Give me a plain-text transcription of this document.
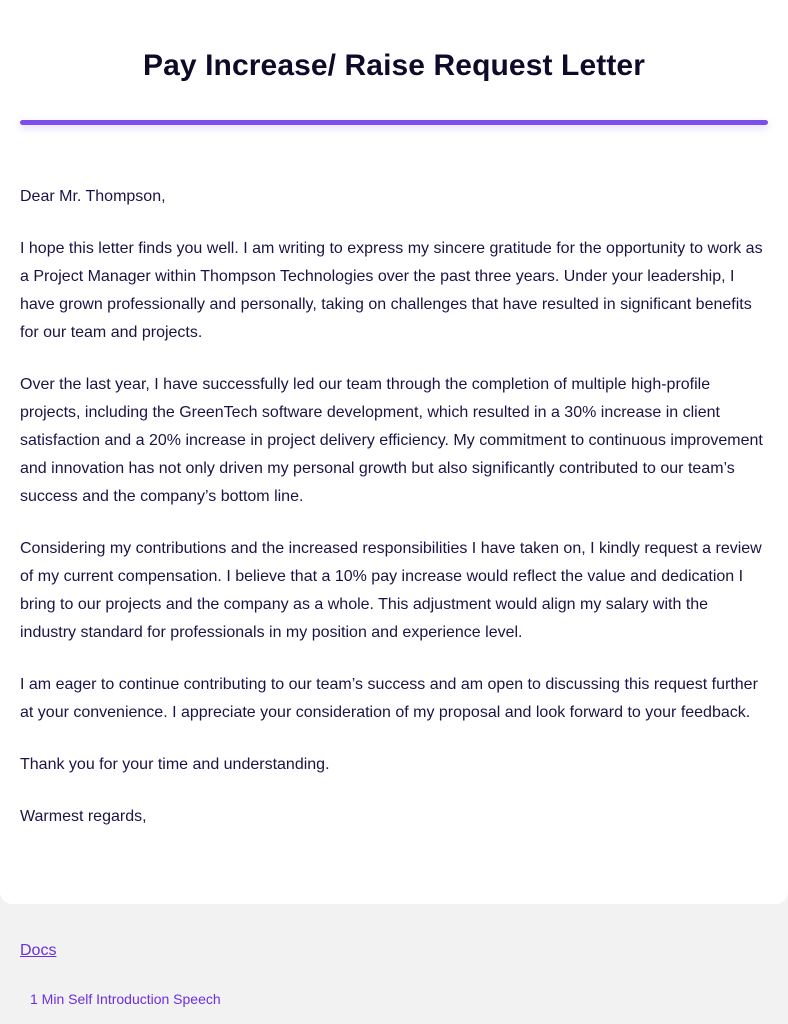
Pay Increase/ Raise Request Letter

Dear Mr. Thompson,

I hope this letter finds you well. I am writing to express my sincere gratitude for the opportunity to work as a Project Manager within Thompson Technologies over the past three years. Under your leadership, I have grown professionally and personally, taking on challenges that have resulted in significant benefits for our team and projects.

Over the last year, I have successfully led our team through the completion of multiple high-profile projects, including the GreenTech software development, which resulted in a 30% increase in client satisfaction and a 20% increase in project delivery efficiency. My commitment to continuous improvement and innovation has not only driven my personal growth but also significantly contributed to our team’s success and the company’s bottom line.

Considering my contributions and the increased responsibilities I have taken on, I kindly request a review of my current compensation. I believe that a 10% pay increase would reflect the value and dedication I bring to our projects and the company as a whole. This adjustment would align my salary with the industry standard for professionals in my position and experience level.

I am eager to continue contributing to our team’s success and am open to discussing this request further at your convenience. I appreciate your consideration of my proposal and look forward to your feedback.

Thank you for your time and understanding.

Warmest regards,

Docs
1 Min Self Introduction Speech
